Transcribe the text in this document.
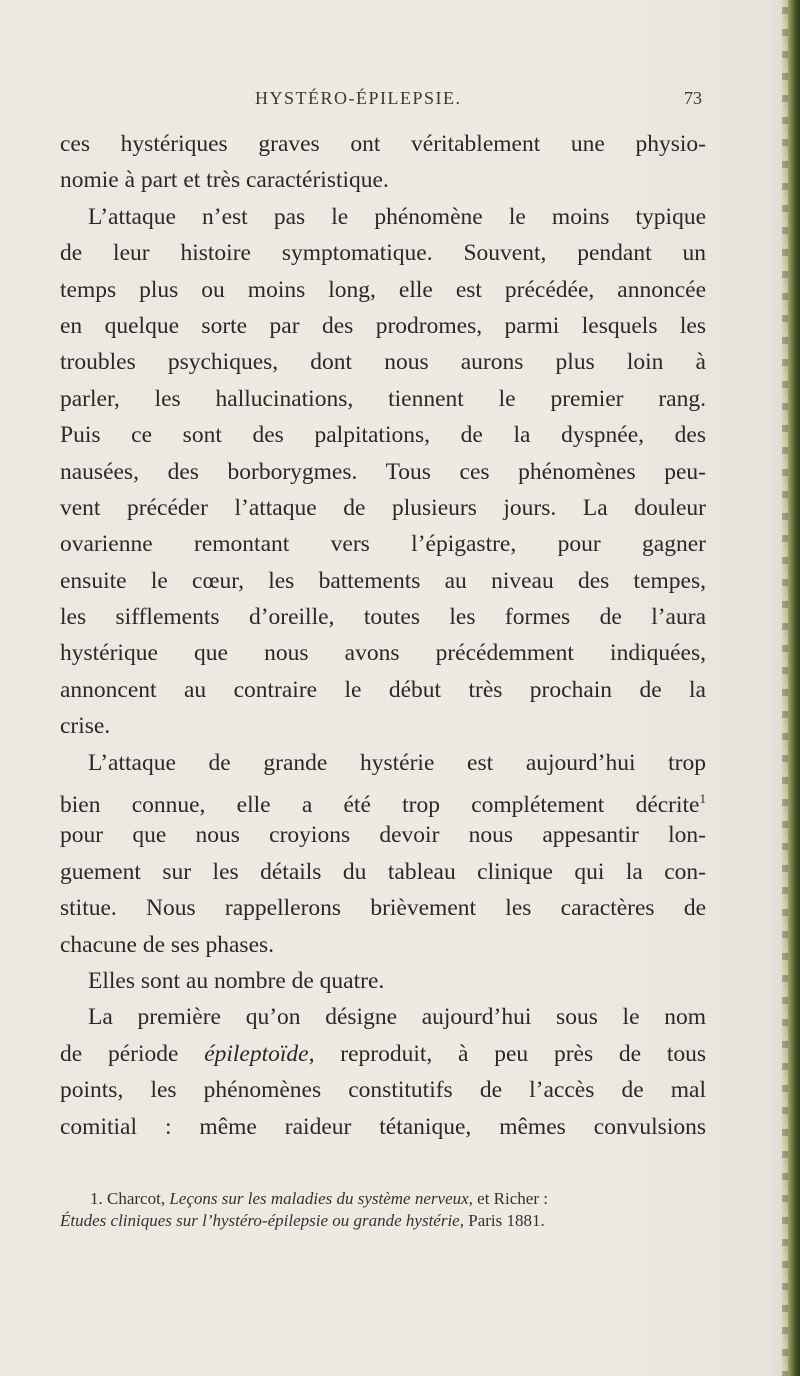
HYSTÉRO-ÉPILEPSIE.	73
ces hystériques graves ont véritablement une physio-
nomie à part et très caractéristique.
L’attaque n’est pas le phénomène le moins typique
de leur histoire symptomatique. Souvent, pendant un
temps plus ou moins long, elle est précédée, annoncée
en quelque sorte par des prodromes, parmi lesquels les
troubles psychiques, dont nous aurons plus loin à
parler, les hallucinations, tiennent le premier rang.
Puis ce sont des palpitations, de la dyspnée, des
nausées, des borborygmes. Tous ces phénomènes peu-
vent précéder l’attaque de plusieurs jours. La douleur
ovarienne remontant vers l’épigastre, pour gagner
ensuite le cœur, les battements au niveau des tempes,
les sifflements d’oreille, toutes les formes de l’aura
hystérique que nous avons précédemment indiquées,
annoncent au contraire le début très prochain de la
crise.
L’attaque de grande hystérie est aujourd’hui trop
bien connue, elle a été trop complétement décrite$^1$
pour que nous croyions devoir nous appesantir lon-
guement sur les détails du tableau clinique qui la con-
stitue. Nous rappellerons brièvement les caractères de
chacune de ses phases.
Elles sont au nombre de quatre.
La première qu’on désigne aujourd’hui sous le nom
de période épileptoïde, reproduit, à peu près de tous
points, les phénomènes constitutifs de l’accès de mal
comitial : même raideur tétanique, mêmes convulsions
1. Charcot, Leçons sur les maladies du système nerveux, et Richer :
Études cliniques sur l’hystéro-épilepsie ou grande hystérie, Paris 1881.
